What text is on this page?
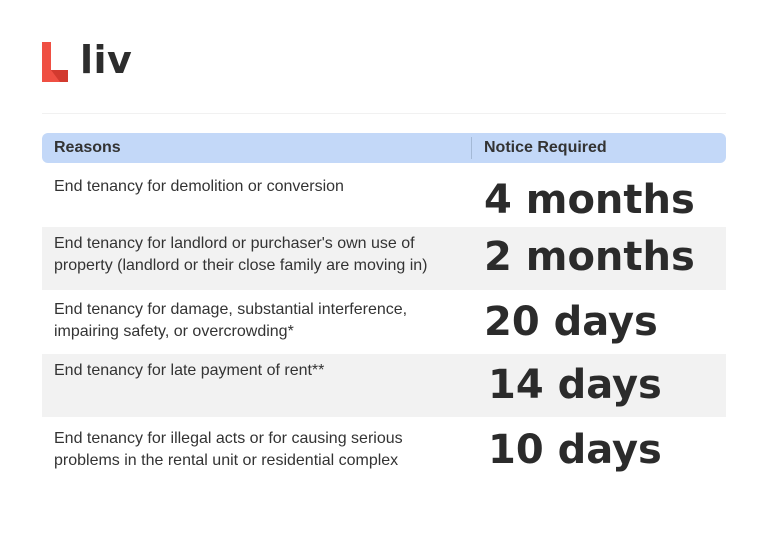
liv
Reasons	Notice Required
End tenancy for demolition or conversion	4 months
End tenancy for landlord or purchaser's own use of property (landlord or their close family are moving in)	2 months
End tenancy for damage, substantial interference, impairing safety, or overcrowding*	20 days
End tenancy for late payment of rent**	14 days
End tenancy for illegal acts or for causing serious problems in the rental unit or residential complex	10 days
